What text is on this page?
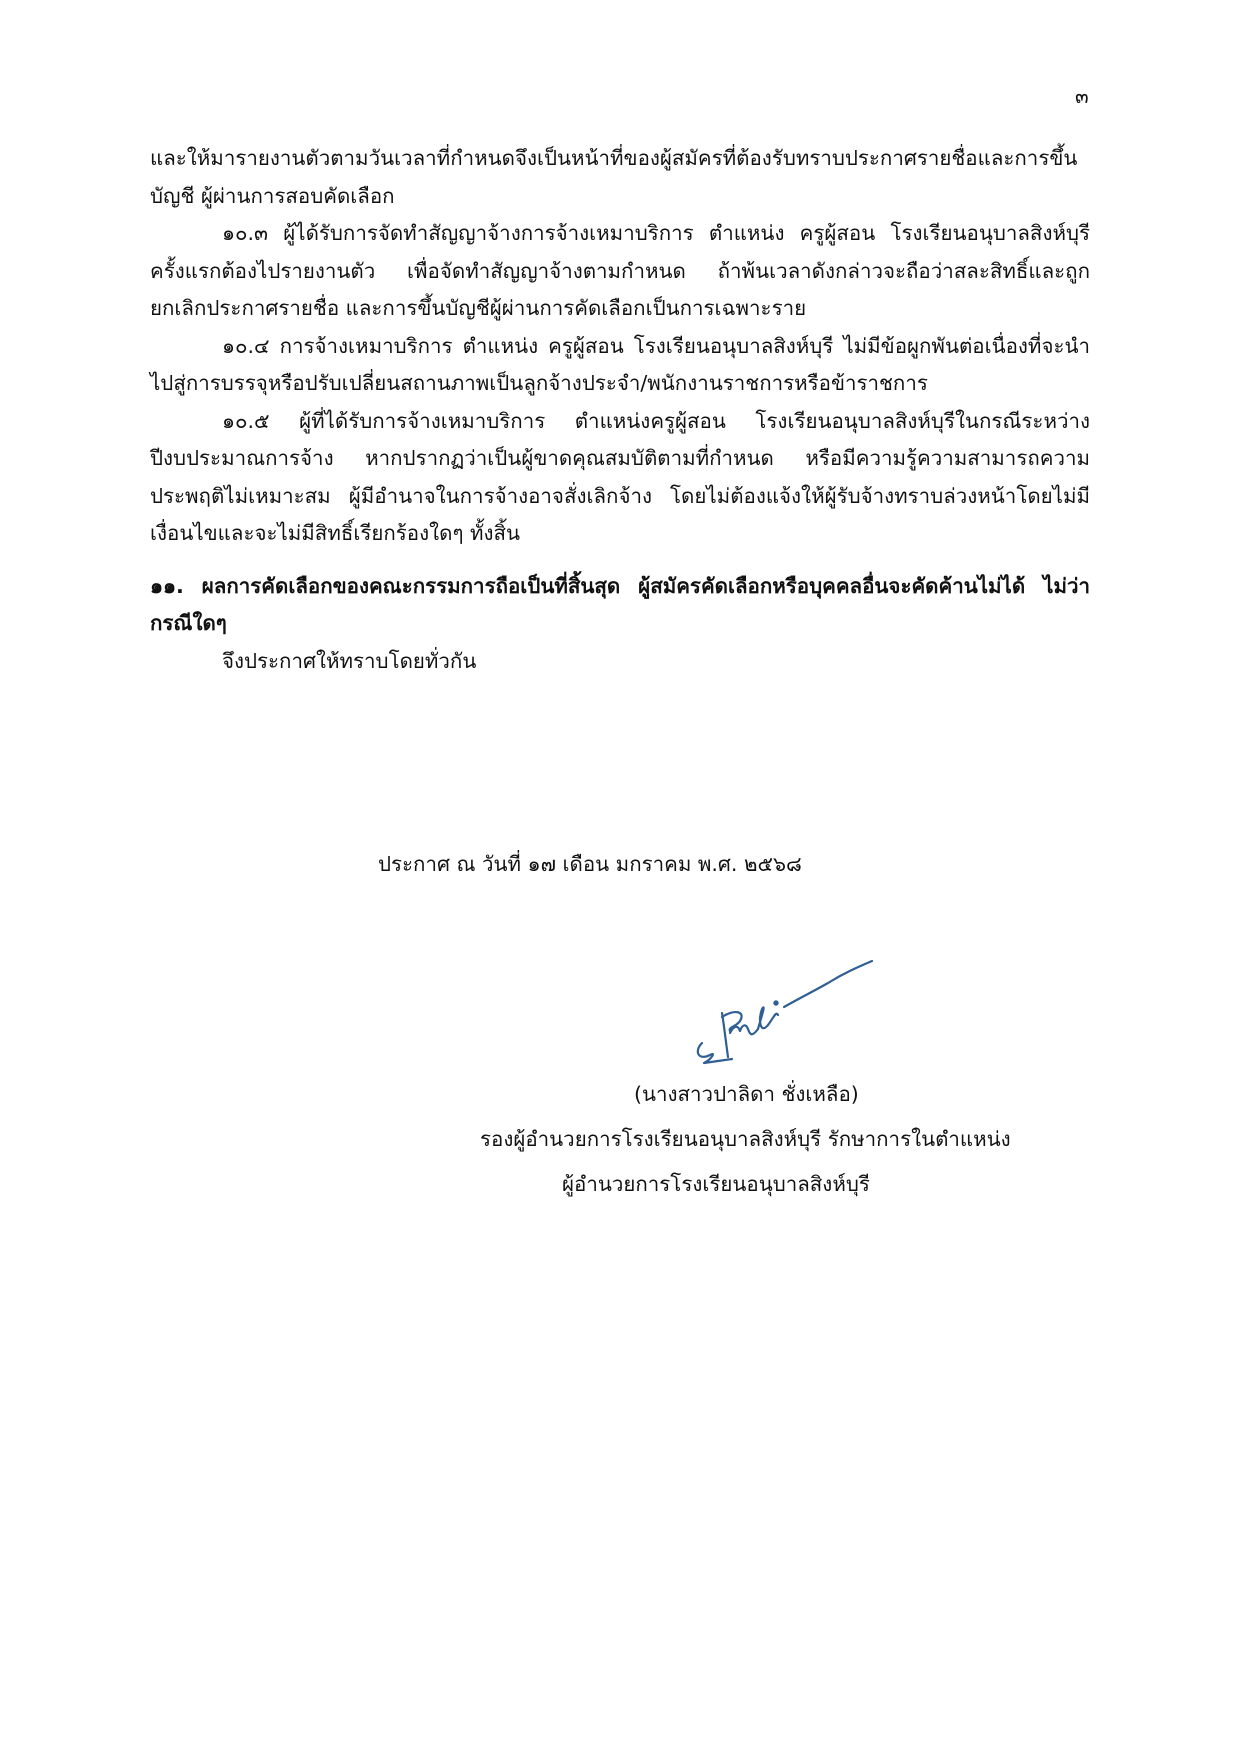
๓

และให้มารายงานตัวตามวันเวลาที่กำหนดจึงเป็นหน้าที่ของผู้สมัครที่ต้องรับทราบประกาศรายชื่อและการขึ้นบัญชี ผู้ผ่านการสอบคัดเลือก

๑๐.๓ ผู้ได้รับการจัดทำสัญญาจ้างการจ้างเหมาบริการ ตำแหน่ง ครูผู้สอน โรงเรียนอนุบาลสิงห์บุรี ครั้งแรกต้องไปรายงานตัว เพื่อจัดทำสัญญาจ้างตามกำหนด ถ้าพ้นเวลาดังกล่าวจะถือว่าสละสิทธิ์และถูกยกเลิกประกาศรายชื่อ และการขึ้นบัญชีผู้ผ่านการคัดเลือกเป็นการเฉพาะราย

๑๐.๔ การจ้างเหมาบริการ ตำแหน่ง ครูผู้สอน โรงเรียนอนุบาลสิงห์บุรี ไม่มีข้อผูกพันต่อเนื่องที่จะนำไปสู่การบรรจุหรือปรับเปลี่ยนสถานภาพเป็นลูกจ้างประจำ/พนักงานราชการหรือข้าราชการ

๑๐.๕ ผู้ที่ได้รับการจ้างเหมาบริการ ตำแหน่งครูผู้สอน โรงเรียนอนุบาลสิงห์บุรีในกรณีระหว่างปีงบประมาณการจ้าง หากปรากฏว่าเป็นผู้ขาดคุณสมบัติตามที่กำหนด หรือมีความรู้ความสามารถความประพฤติไม่เหมาะสม ผู้มีอำนาจในการจ้างอาจสั่งเลิกจ้าง โดยไม่ต้องแจ้งให้ผู้รับจ้างทราบล่วงหน้าโดยไม่มีเงื่อนไขและจะไม่มีสิทธิ์เรียกร้องใดๆ ทั้งสิ้น

๑๑. ผลการคัดเลือกของคณะกรรมการถือเป็นที่สิ้นสุด ผู้สมัครคัดเลือกหรือบุคคลอื่นจะคัดค้านไม่ได้ ไม่ว่ากรณีใดๆ

จึงประกาศให้ทราบโดยทั่วกัน

ประกาศ ณ วันที่ ๑๗ เดือน มกราคม พ.ศ. ๒๕๖๘
(นางสาวปาลิดา ชั่งเหลือ)
รองผู้อำนวยการโรงเรียนอนุบาลสิงห์บุรี รักษาการในตำแหน่ง
ผู้อำนวยการโรงเรียนอนุบาลสิงห์บุรี
